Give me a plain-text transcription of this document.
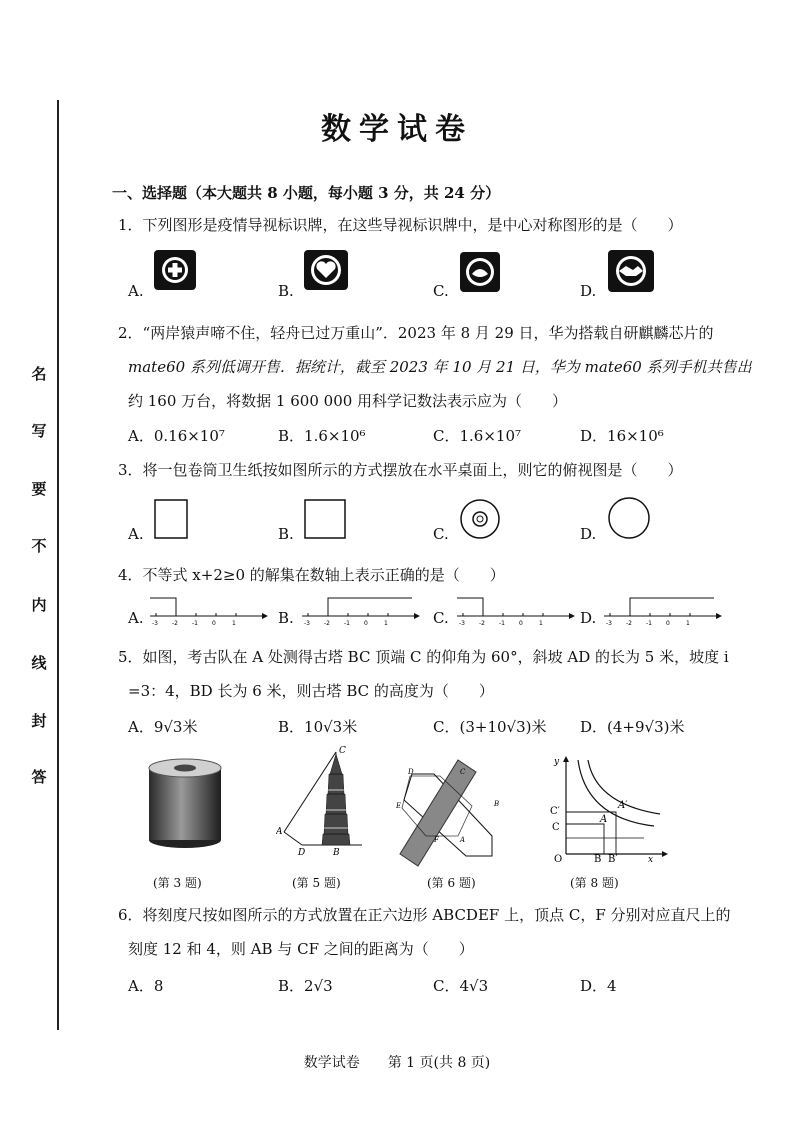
名
写
要
不
内
线
封
答
数学试卷
一、选择题（本大题共 8 小题，每小题 3 分，共 24 分）
1．下列图形是疫情导视标识牌，在这些导视标识牌中，是中心对称图形的是（　　）
A.	B.	C.	D.
2．“两岸猿声啼不住，轻舟已过万重山”．2023 年 8 月 29 日，华为搭载自研麒麟芯片的
mate60 系列低调开售．据统计，截至 2023 年 10 月 21 日，华为 mate60 系列手机共售出
约 160 万台，将数据 1 600 000 用科学记数法表示应为（　　）
A．0.16×10⁷	B．1.6×10⁶	C．1.6×10⁷	D．16×10⁶
3．将一包卷筒卫生纸按如图所示的方式摆放在水平桌面上，则它的俯视图是（　　）
A.	B.	C.	D.
4．不等式 x+2≥0 的解集在数轴上表示正确的是（　　）
A.	B.	C.	D.
-3 -2 -1 0	1	-3 -2 -1 0	1	-3 -2 -1 0	1	-3 -2 -1 0	1
5．如图，考古队在 A 处测得古塔 BC 顶端 C 的仰角为 60°，斜坡 AD 的长为 5 米，坡度 i
=3：4，BD 长为 6 米，则古塔 BC 的高度为（　　）
A．9√3米	B．10√3米	C．(3+10√3)米 D．(4+9√3)米
C
A
D	B
D	C
E	B
F	A
y
C′
C
A′
A
O	B B′	x
(第 3 题)	(第 5 题)	(第 6 题)	(第 8 题)
6．将刻度尺按如图所示的方式放置在正六边形 ABCDEF 上，顶点 C，F 分别对应直尺上的
刻度 12 和 4，则 AB 与 CF 之间的距离为（　　）
A．8	B．2√3	C．4√3	D．4
数学试卷　　第 1 页(共 8 页)
